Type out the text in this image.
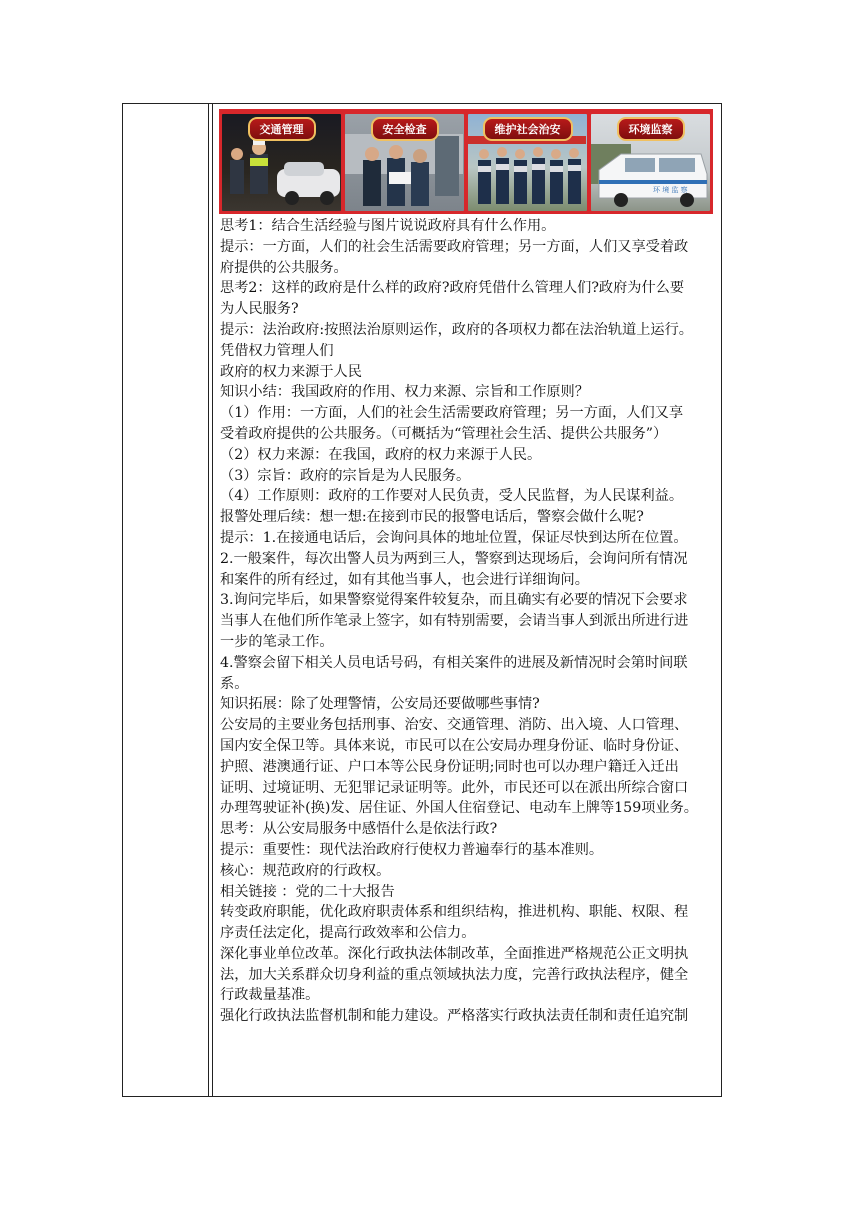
交通管理	安全检查	维护社会治安
环 境 监 察
环境监察

思考1：结合生活经验与图片说说政府具有什么作用。

提示：一方面，人们的社会生活需要政府管理；另一方面，人们又享受着政

府提供的公共服务。

思考2：这样的政府是什么样的政府?政府凭借什么管理人们?政府为什么要

为人民服务?

提示：法治政府:按照法治原则运作，政府的各项权力都在法治轨道上运行。

凭借权力管理人们

政府的权力来源于人民

知识小结：我国政府的作用、权力来源、宗旨和工作原则？

（1）作用：一方面，人们的社会生活需要政府管理；另一方面，人们又享

受着政府提供的公共服务。（可概括为“管理社会生活、提供公共服务”）

（2）权力来源：在我国，政府的权力来源于人民。

（3）宗旨：政府的宗旨是为人民服务。

（4）工作原则：政府的工作要对人民负责，受人民监督，为人民谋利益。

报警处理后续：想一想:在接到市民的报警电话后，警察会做什么呢?

提示：1.在接通电话后，会询问具体的地址位置，保证尽快到达所在位置。

2.一般案件，每次出警人员为两到三人，警察到达现场后，会询问所有情况

和案件的所有经过，如有其他当事人，也会进行详细询问。

3.询问完毕后，如果警察觉得案件较复杂，而且确实有必要的情况下会要求

当事人在他们所作笔录上签字，如有特别需要，会请当事人到派出所进行进

一步的笔录工作。

4.警察会留下相关人员电话号码，有相关案件的进展及新情况时会第时间联

系。

知识拓展：除了处理警情，公安局还要做哪些事情?

公安局的主要业务包括刑事、治安、交通管理、消防、出入境、人口管理、

国内安全保卫等。具体来说，市民可以在公安局办理身份证、临时身份证、

护照、港澳通行证、户口本等公民身份证明;同时也可以办理户籍迁入迁出

证明、过境证明、无犯罪记录证明等。此外，市民还可以在派出所综合窗口

办理驾驶证补(换)发、居住证、外国人住宿登记、电动车上牌等159项业务。

思考：从公安局服务中感悟什么是依法行政?

提示：重要性：现代法治政府行使权力普遍奉行的基本准则。

核心：规范政府的行政权。

相关链接 ：党的二十大报告

转变政府职能，优化政府职责体系和组织结构，推进机构、职能、权限、程

序责任法定化，提高行政效率和公信力。

深化事业单位改革。深化行政执法体制改革，全面推进严格规范公正文明执

法，加大关系群众切身利益的重点领域执法力度，完善行政执法程序，健全

行政裁量基准。

强化行政执法监督机制和能力建设。严格落实行政执法责任制和责任追究制
